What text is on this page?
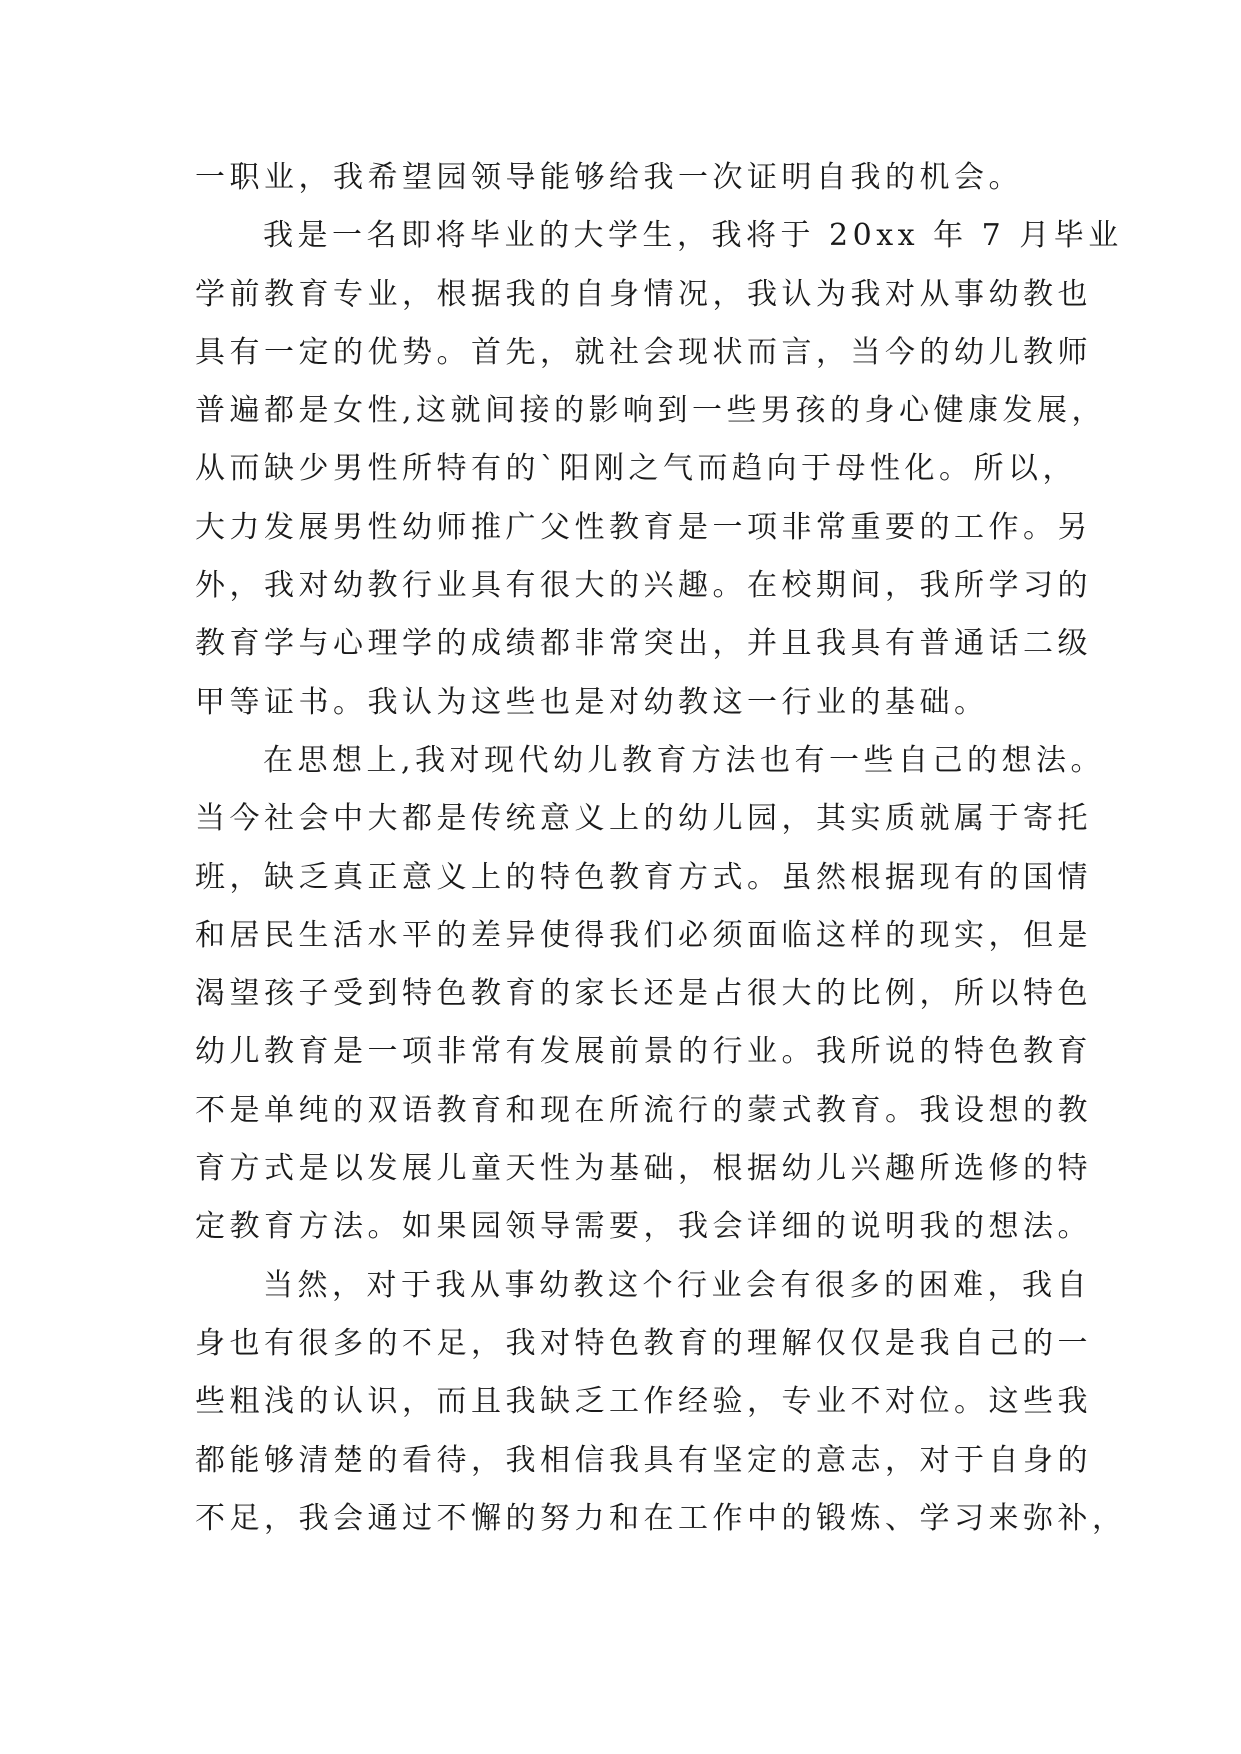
一职业，我希望园领导能够给我一次证明自我的机会。
我是一名即将毕业的大学生，我将于 20xx 年 7 月毕业
学前教育专业，根据我的自身情况，我认为我对从事幼教也
具有一定的优势。首先，就社会现状而言，当今的幼儿教师
普遍都是女性,这就间接的影响到一些男孩的身心健康发展，
从而缺少男性所特有的`阳刚之气而趋向于母性化。所以，
大力发展男性幼师推广父性教育是一项非常重要的工作。另
外，我对幼教行业具有很大的兴趣。在校期间，我所学习的
教育学与心理学的成绩都非常突出，并且我具有普通话二级
甲等证书。我认为这些也是对幼教这一行业的基础。
在思想上,我对现代幼儿教育方法也有一些自己的想法。
当今社会中大都是传统意义上的幼儿园，其实质就属于寄托
班，缺乏真正意义上的特色教育方式。虽然根据现有的国情
和居民生活水平的差异使得我们必须面临这样的现实，但是
渴望孩子受到特色教育的家长还是占很大的比例，所以特色
幼儿教育是一项非常有发展前景的行业。我所说的特色教育
不是单纯的双语教育和现在所流行的蒙式教育。我设想的教
育方式是以发展儿童天性为基础，根据幼儿兴趣所选修的特
定教育方法。如果园领导需要，我会详细的说明我的想法。
当然，对于我从事幼教这个行业会有很多的困难，我自
身也有很多的不足，我对特色教育的理解仅仅是我自己的一
些粗浅的认识，而且我缺乏工作经验，专业不对位。这些我
都能够清楚的看待，我相信我具有坚定的意志，对于自身的
不足，我会通过不懈的努力和在工作中的锻炼、学习来弥补，
